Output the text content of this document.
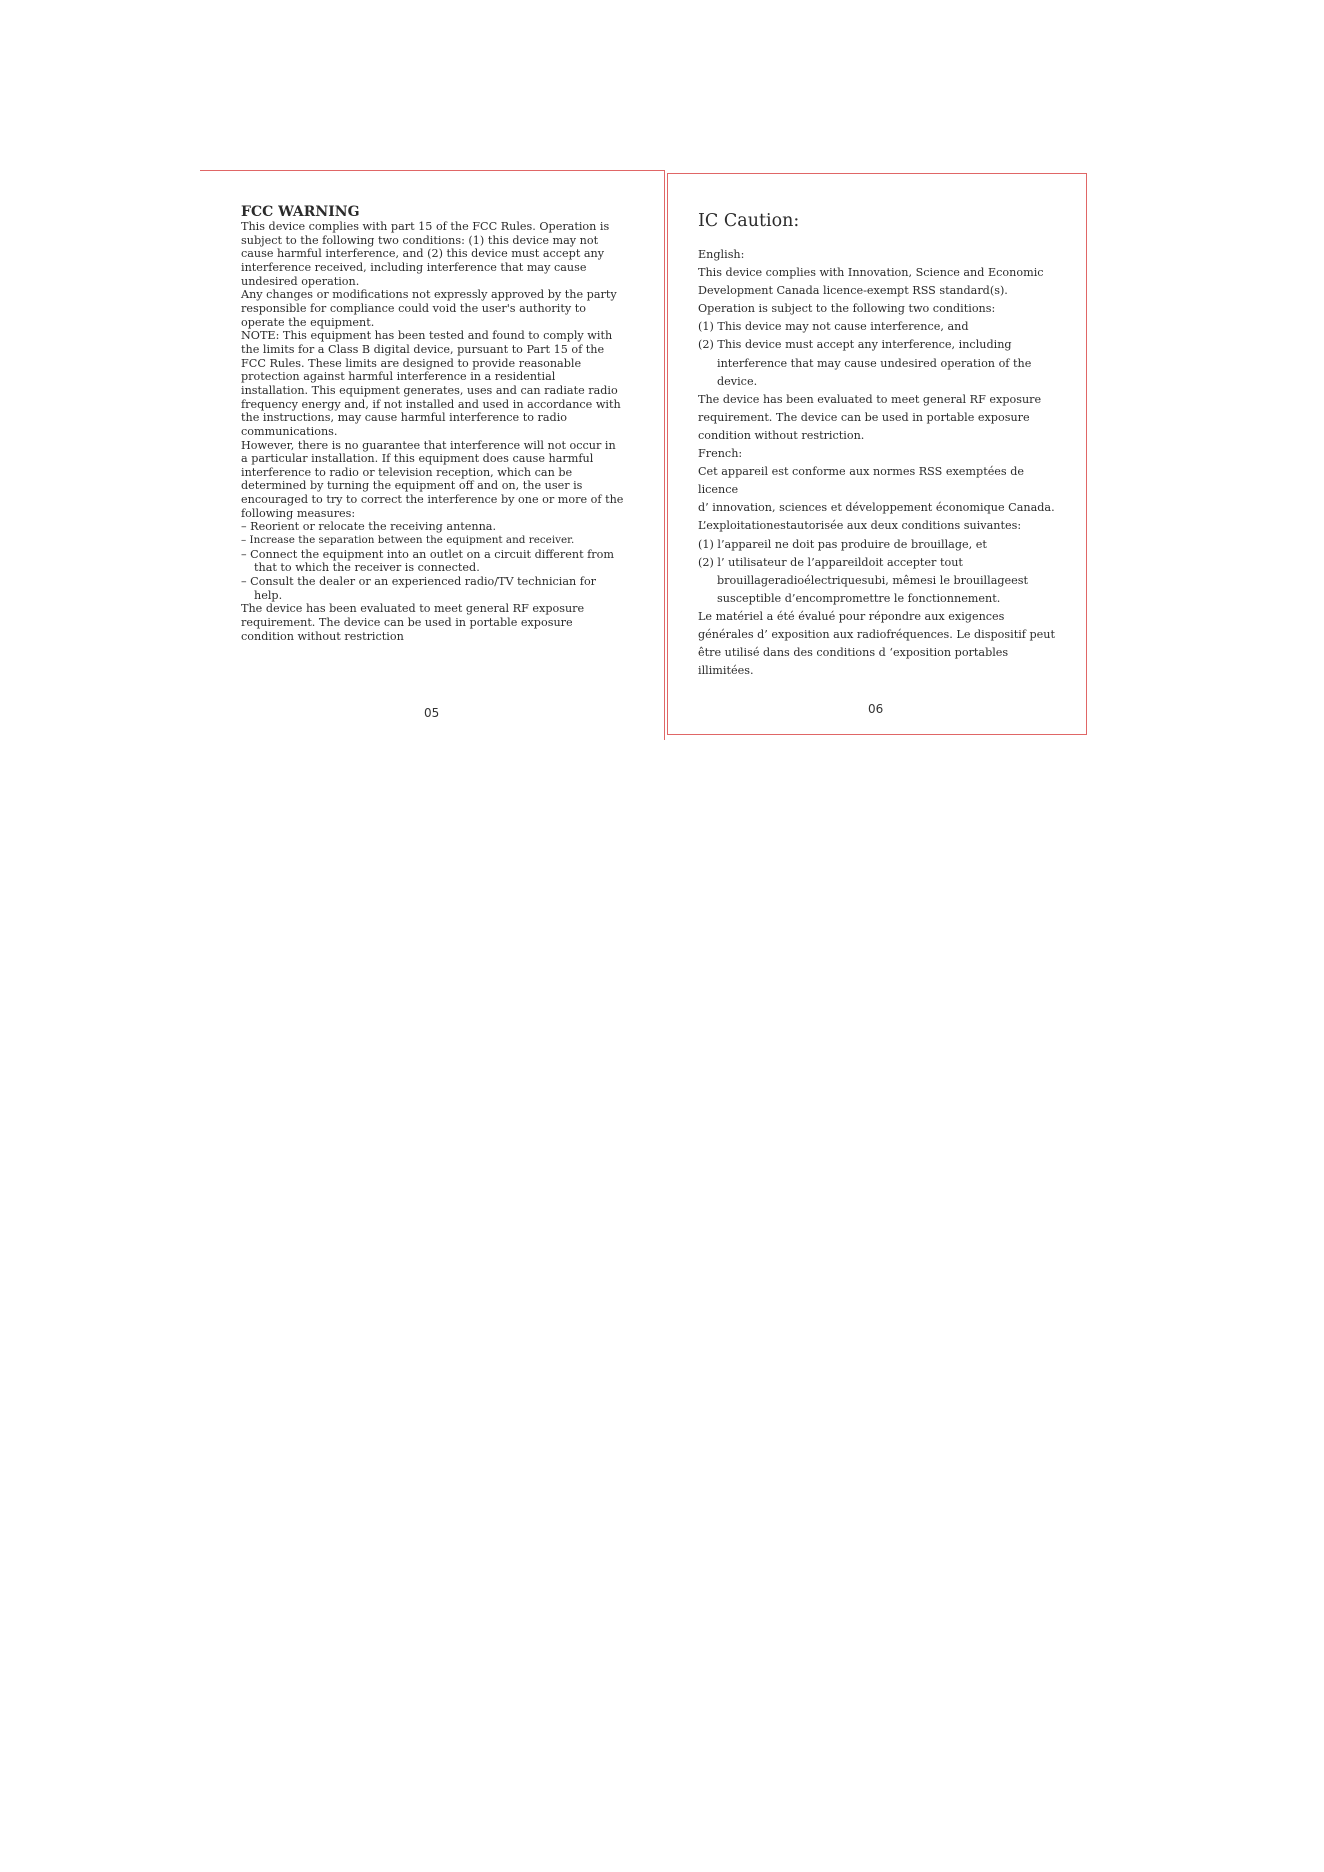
FCC WARNING

This device complies with part 15 of the FCC Rules. Operation is subject to the following two conditions: (1) this device may not cause harmful interference, and (2) this device must accept any interference received, including interference that may cause undesired operation.

Any changes or modifications not expressly approved by the party responsible for compliance could void the user's authority to operate the equipment.

NOTE: This equipment has been tested and found to comply with the limits for a Class B digital device, pursuant to Part 15 of the FCC Rules. These limits are designed to provide reasonable protection against harmful interference in a residential installation. This equipment generates, uses and can radiate radio frequency energy and, if not installed and used in accordance with the instructions, may cause harmful interference to radio communications.

However, there is no guarantee that interference will not occur in a particular installation. If this equipment does cause harmful interference to radio or television reception, which can be determined by turning the equipment off and on, the user is encouraged to try to correct the interference by one or more of the following measures:

– Reorient or relocate the receiving antenna.

– Increase the separation between the equipment and receiver.

– Connect the equipment into an outlet on a circuit different from that to which the receiver is connected.

– Consult the dealer or an experienced radio/TV technician for help.

The device has been evaluated to meet general RF exposure requirement. The device can be used in portable exposure condition without restriction

05
IC Caution:

English:

This device complies with Innovation, Science and Economic Development Canada licence-exempt RSS standard(s). Operation is subject to the following two conditions:

(1) This device may not cause interference, and

(2) This device must accept any interference, including interference that may cause undesired operation of the device.

The device has been evaluated to meet general RF exposure requirement. The device can be used in portable exposure condition without restriction.

French:

Cet appareil est conforme aux normes RSS exemptées de licence

d’ innovation, sciences et développement économique Canada. L’exploitationestautorisée aux deux conditions suivantes:

(1) l’appareil ne doit pas produire de brouillage, et

(2) l’ utilisateur de l’appareildoit accepter tout brouillageradioélectriquesubi, mêmesi le brouillageest susceptible d’encompromettre le fonctionnement.

Le matériel a été évalué pour répondre aux exigences générales d’ exposition aux radiofréquences. Le dispositif peut être utilisé dans des conditions d ‘exposition portables illimitées.

06
